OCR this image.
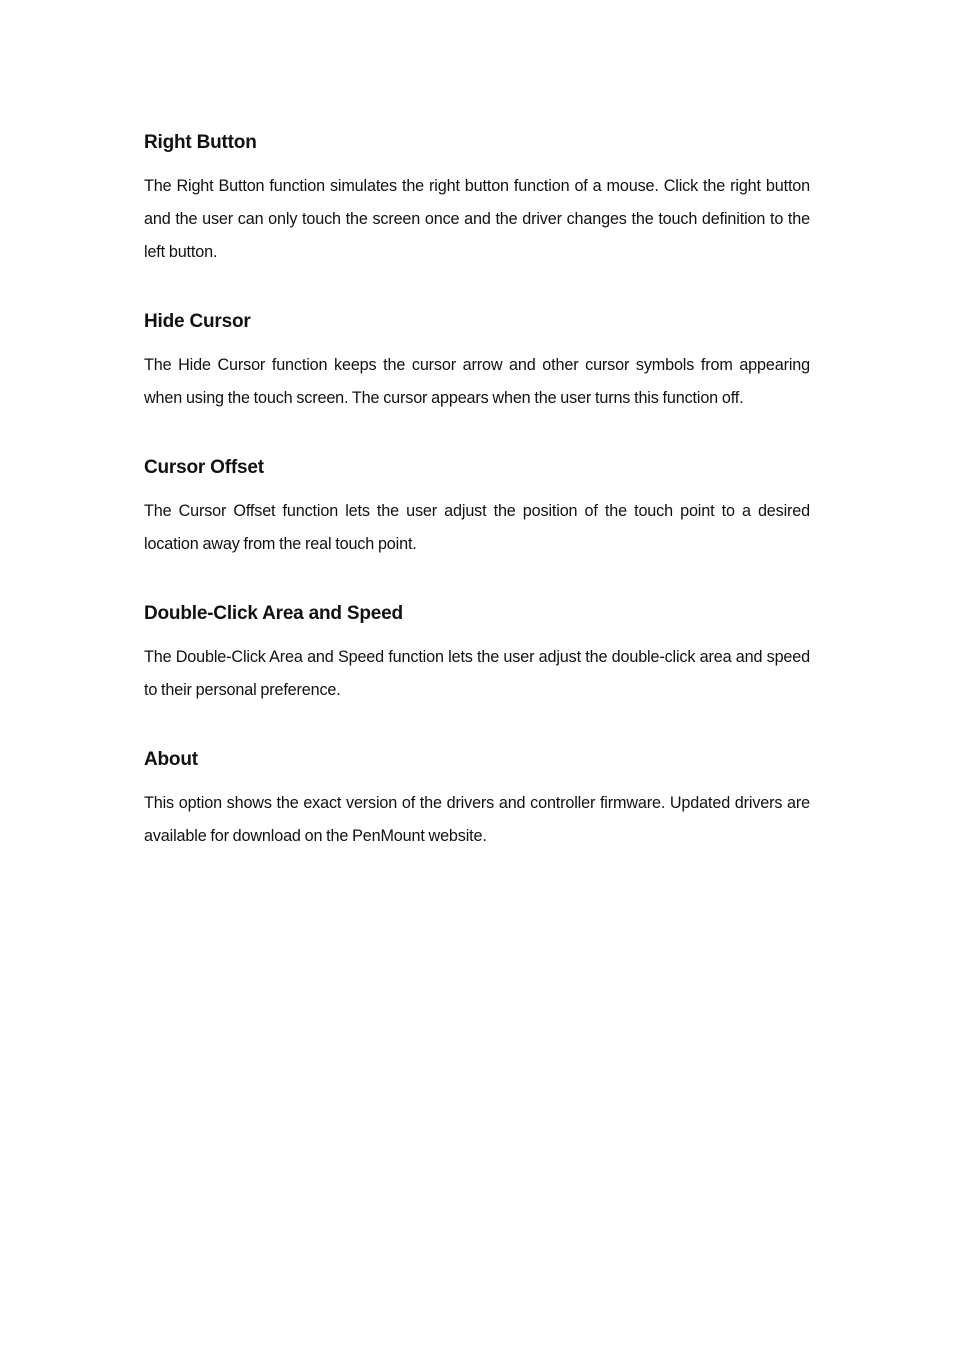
Right Button

The Right Button function simulates the right button function of a mouse. Click the right button and the user can only touch the screen once and the driver changes the touch definition to the left button.

Hide Cursor

The Hide Cursor function keeps the cursor arrow and other cursor symbols from appearing when using the touch screen. The cursor appears when the user turns this function off.

Cursor Offset

The Cursor Offset function lets the user adjust the position of the touch point to a desired location away from the real touch point.

Double-Click Area and Speed

The Double-Click Area and Speed function lets the user adjust the double-click area and speed to their personal preference.

About

This option shows the exact version of the drivers and controller firmware. Updated drivers are available for download on the PenMount website.
